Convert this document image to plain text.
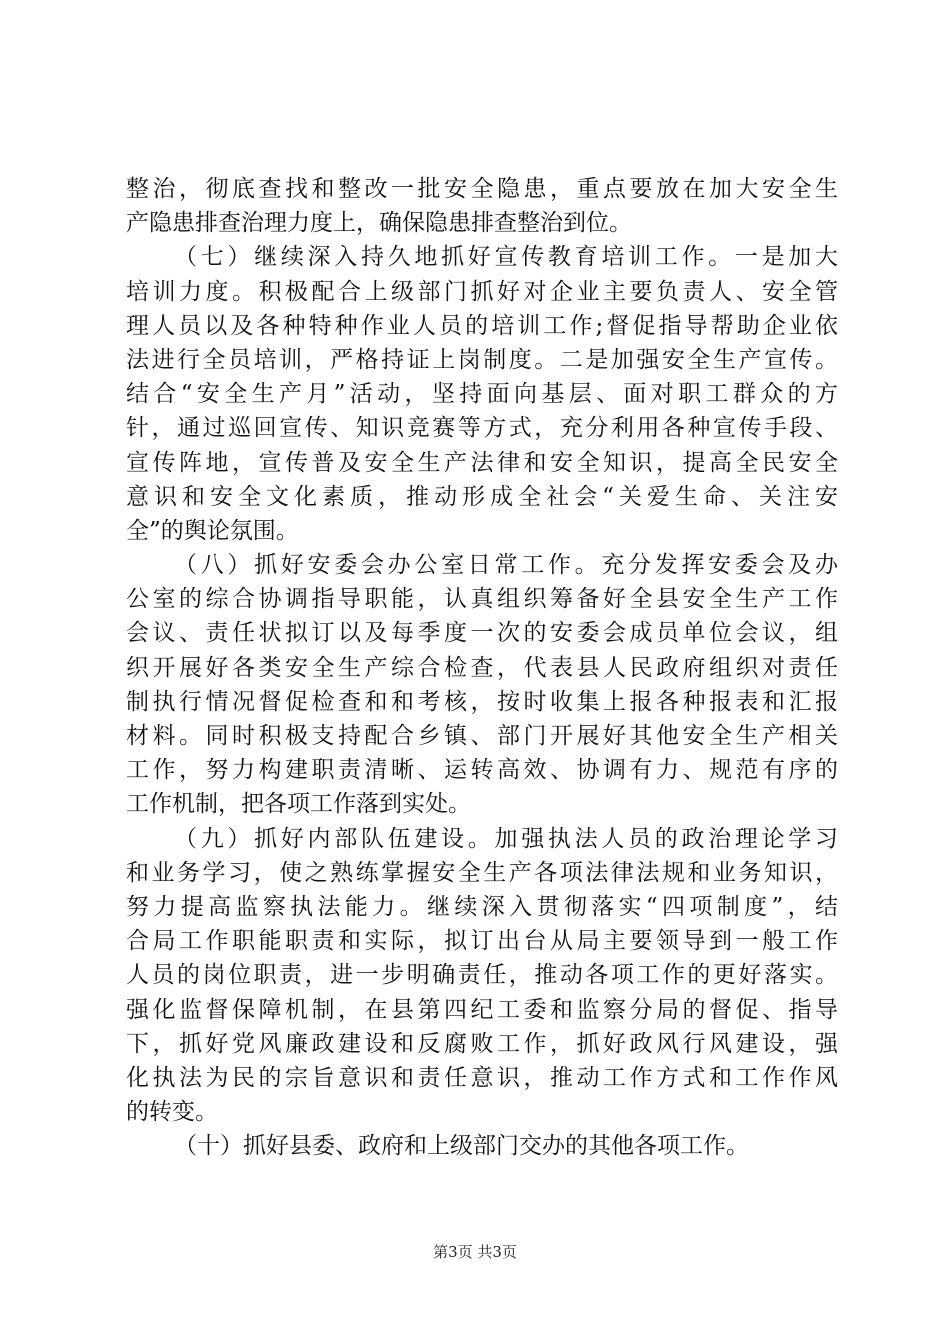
整治，彻底查找和整改一批安全隐患，重点要放在加大安全生
产隐患排查治理力度上，确保隐患排查整治到位。
（七）继续深入持久地抓好宣传教育培训工作。一是加大
培训力度。积极配合上级部门抓好对企业主要负责人、安全管
理人员以及各种特种作业人员的培训工作;督促指导帮助企业依
法进行全员培训，严格持证上岗制度。二是加强安全生产宣传。
结合“安全生产月”活动，坚持面向基层、面对职工群众的方
针，通过巡回宣传、知识竞赛等方式，充分利用各种宣传手段、
宣传阵地，宣传普及安全生产法律和安全知识，提高全民安全
意识和安全文化素质，推动形成全社会“关爱生命、关注安
全”的舆论氛围。
（八）抓好安委会办公室日常工作。充分发挥安委会及办
公室的综合协调指导职能，认真组织筹备好全县安全生产工作
会议、责任状拟订以及每季度一次的安委会成员单位会议，组
织开展好各类安全生产综合检查，代表县人民政府组织对责任
制执行情况督促检查和和考核，按时收集上报各种报表和汇报
材料。同时积极支持配合乡镇、部门开展好其他安全生产相关
工作，努力构建职责清晰、运转高效、协调有力、规范有序的
工作机制，把各项工作落到实处。
（九）抓好内部队伍建设。加强执法人员的政治理论学习
和业务学习，使之熟练掌握安全生产各项法律法规和业务知识，
努力提高监察执法能力。继续深入贯彻落实“四项制度”，结
合局工作职能职责和实际，拟订出台从局主要领导到一般工作
人员的岗位职责，进一步明确责任，推动各项工作的更好落实。
强化监督保障机制，在县第四纪工委和监察分局的督促、指导
下，抓好党风廉政建设和反腐败工作，抓好政风行风建设，强
化执法为民的宗旨意识和责任意识，推动工作方式和工作作风
的转变。
（十）抓好县委、政府和上级部门交办的其他各项工作。
第3页 共3页
